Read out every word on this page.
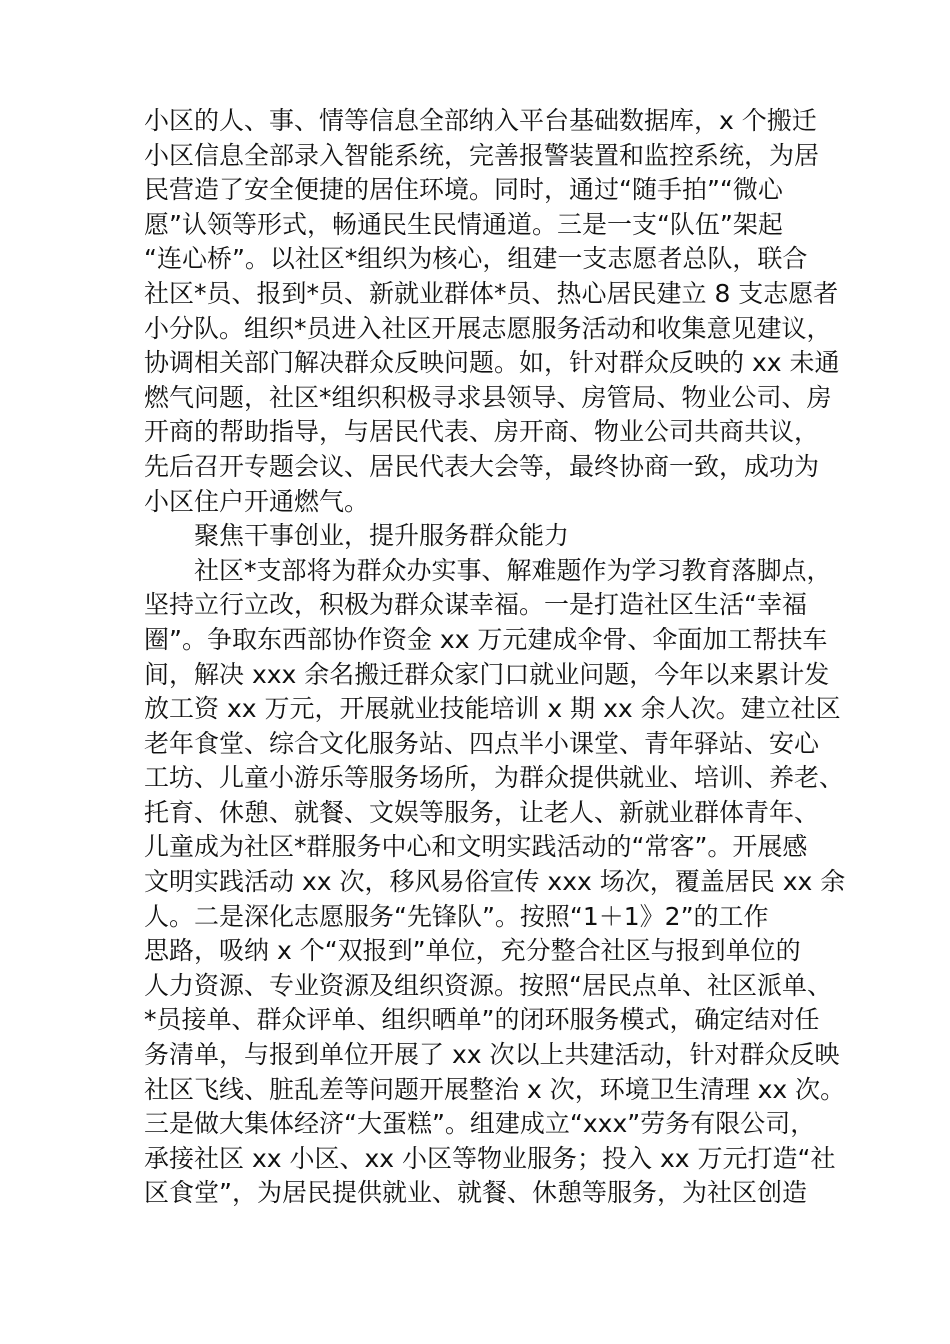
小区的人、事、情等信息全部纳入平台基础数据库，x 个搬迁
小区信息全部录入智能系统，完善报警装置和监控系统，为居
民营造了安全便捷的居住环境。同时，通过“随手拍”“微心
愿”认领等形式，畅通民生民情通道。三是一支“队伍”架起
“连心桥”。以社区*组织为核心，组建一支志愿者总队，联合
社区*员、报到*员、新就业群体*员、热心居民建立 8 支志愿者
小分队。组织*员进入社区开展志愿服务活动和收集意见建议，
协调相关部门解决群众反映问题。如，针对群众反映的 xx 未通
燃气问题，社区*组织积极寻求县领导、房管局、物业公司、房
开商的帮助指导，与居民代表、房开商、物业公司共商共议，
先后召开专题会议、居民代表大会等，最终协商一致，成功为
小区住户开通燃气。
聚焦干事创业，提升服务群众能力
社区*支部将为群众办实事、解难题作为学习教育落脚点，
坚持立行立改，积极为群众谋幸福。一是打造社区生活“幸福
圈”。争取东西部协作资金 xx 万元建成伞骨、伞面加工帮扶车
间，解决 xxx 余名搬迁群众家门口就业问题，今年以来累计发
放工资 xx 万元，开展就业技能培训 x 期 xx 余人次。建立社区
老年食堂、综合文化服务站、四点半小课堂、青年驿站、安心
工坊、儿童小游乐等服务场所，为群众提供就业、培训、养老、
托育、休憩、就餐、文娱等服务，让老人、新就业群体青年、
儿童成为社区*群服务中心和文明实践活动的“常客”。开展感
文明实践活动 xx 次，移风易俗宣传 xxx 场次，覆盖居民 xx 余
人。二是深化志愿服务“先锋队”。按照“1＋1》2”的工作
思路，吸纳 x 个“双报到”单位，充分整合社区与报到单位的
人力资源、专业资源及组织资源。按照“居民点单、社区派单、
*员接单、群众评单、组织晒单”的闭环服务模式，确定结对任
务清单，与报到单位开展了 xx 次以上共建活动，针对群众反映
社区飞线、脏乱差等问题开展整治 x 次，环境卫生清理 xx 次。
三是做大集体经济“大蛋糕”。组建成立“xxx”劳务有限公司，
承接社区 xx 小区、xx 小区等物业服务；投入 xx 万元打造“社
区食堂”，为居民提供就业、就餐、休憩等服务，为社区创造
